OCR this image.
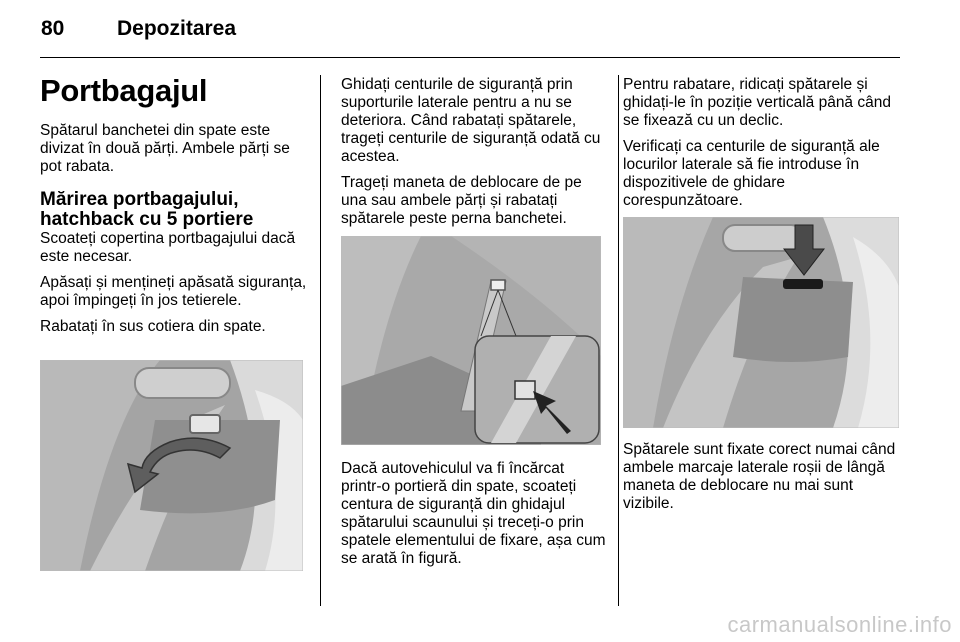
80	Depozitarea
Portbagajul

Spătarul banchetei din spate este divizat în două părți. Ambele părți se pot rabata.

Mărirea portbagajului,
hatchback cu 5 portiere

Scoateți copertina portbagajului dacă este necesar.

Apăsați și mențineți apăsată siguranța, apoi împingeți în jos tetierele.

Rabatați în sus cotiera din spate.

Ghidați centurile de siguranță prin suporturile laterale pentru a nu se deteriora. Când rabatați spătarele, trageți centurile de siguranță odată cu acestea.

Trageți maneta de deblocare de pe una sau ambele părți și rabatați spătarele peste perna banchetei.

Dacă autovehiculul va fi încărcat printr-o portieră din spate, scoateți centura de siguranță din ghidajul spătarului scaunului și treceți-o prin spatele elementului de fixare, așa cum se arată în figură.

Pentru rabatare, ridicați spătarele și ghidați-le în poziție verticală până când se fixează cu un declic.

Verificați ca centurile de siguranță ale locurilor laterale să fie introduse în dispozitivele de ghidare corespunzătoare.

Spătarele sunt fixate corect numai când ambele marcaje laterale roșii de lângă maneta de deblocare nu mai sunt vizibile.

carmanualsonline.info
